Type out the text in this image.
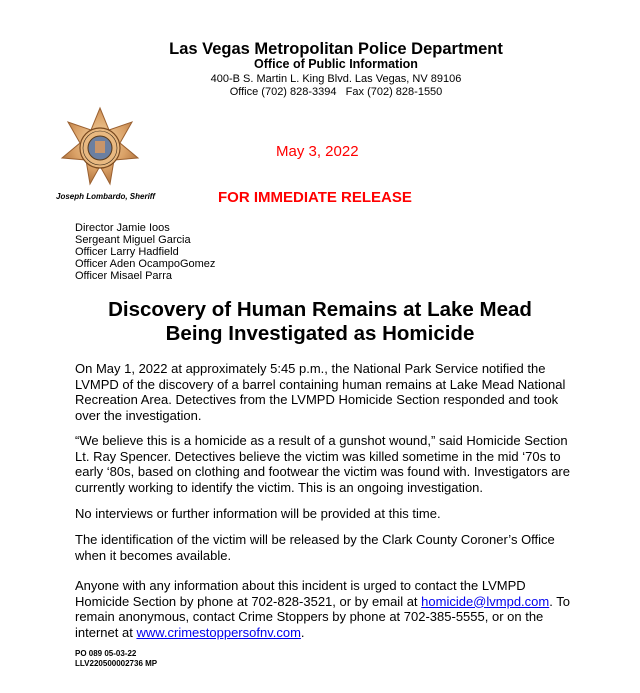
Las Vegas Metropolitan Police Department
Office of Public Information
400-B S. Martin L. King Blvd. Las Vegas, NV 89106
Office (702) 828-3394   Fax (702) 828-1550
Joseph Lombardo, Sheriff
May 3, 2022
FOR IMMEDIATE RELEASE
Director Jamie Ioos
Sergeant Miguel Garcia
Officer Larry Hadfield
Officer Aden OcampoGomez
Officer Misael Parra
Discovery of Human Remains at Lake Mead
Being Investigated as Homicide
On May 1, 2022 at approximately 5:45 p.m., the National Park Service notified the LVMPD of the discovery of a barrel containing human remains at Lake Mead National Recreation Area. Detectives from the LVMPD Homicide Section responded and took over the investigation.
“We believe this is a homicide as a result of a gunshot wound,” said Homicide Section Lt. Ray Spencer. Detectives believe the victim was killed sometime in the mid ‘70s to early ‘80s, based on clothing and footwear the victim was found with. Investigators are currently working to identify the victim. This is an ongoing investigation.
No interviews or further information will be provided at this time.
The identification of the victim will be released by the Clark County Coroner’s Office when it becomes available.
Anyone with any information about this incident is urged to contact the LVMPD Homicide Section by phone at 702-828-3521, or by email at homicide@lvmpd.com. To remain anonymous, contact Crime Stoppers by phone at 702-385-5555, or on the internet at www.crimestoppersofnv.com.
PO 089 05-03-22
LLV220500002736 MP
